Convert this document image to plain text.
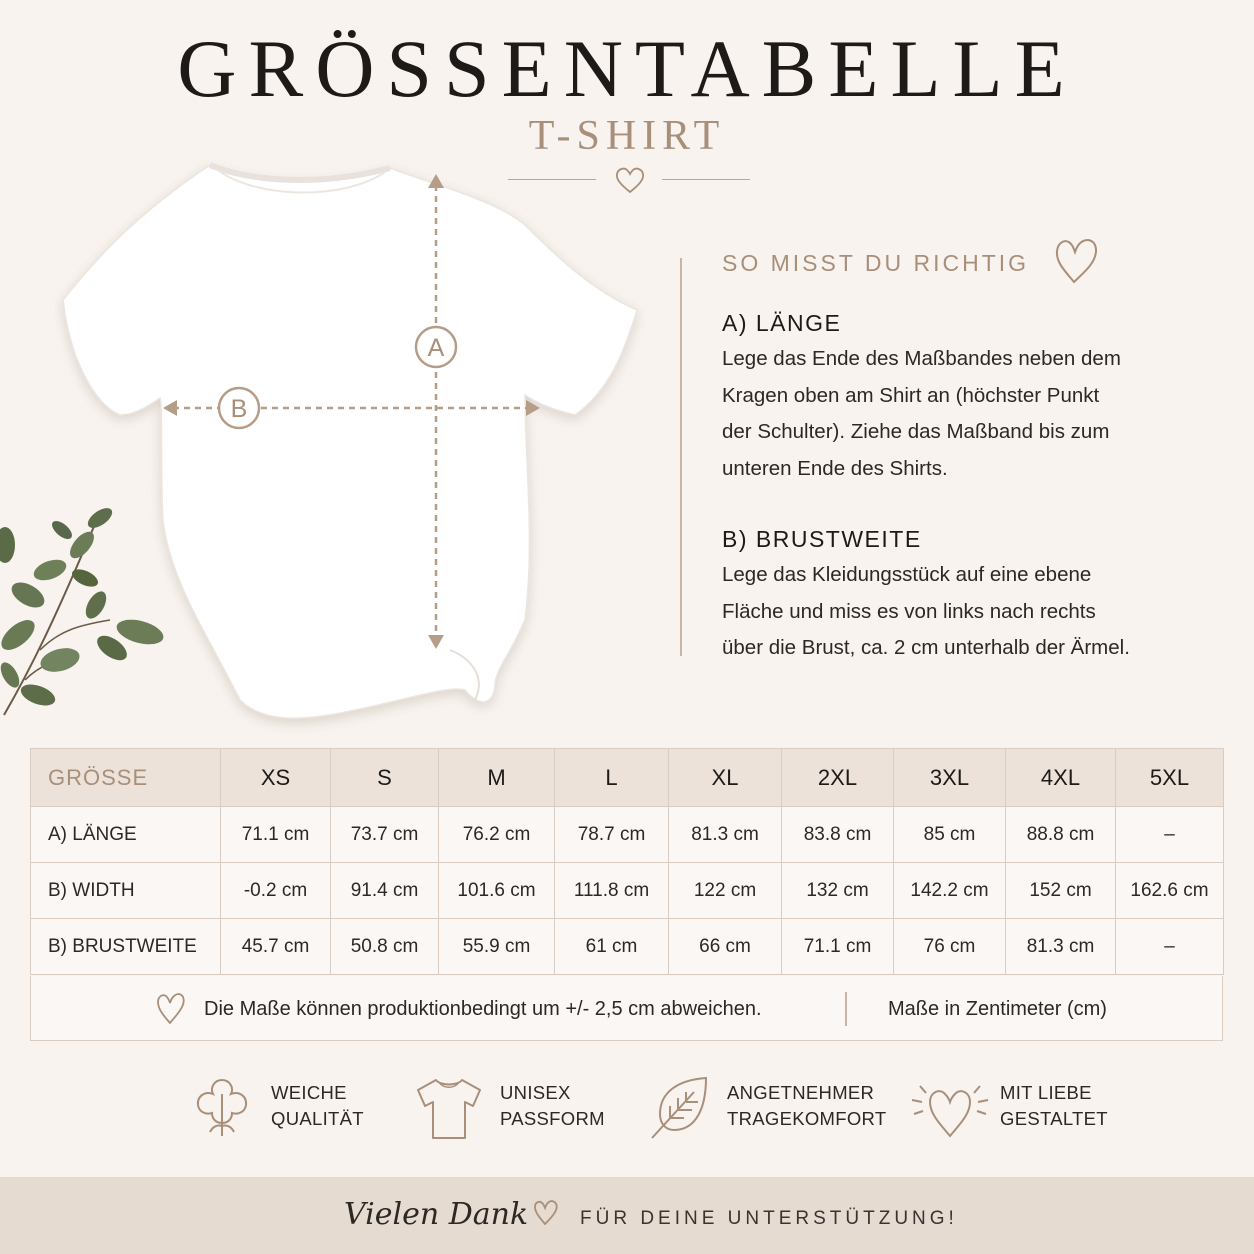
GRÖSSENTABELLE
T-SHIRT
A
B
SO MISST DU RICHTIG
A) LÄNGE
Lege das Ende des Maßbandes neben dem
Kragen oben am Shirt an (höchster Punkt
der Schulter). Ziehe das Maßband bis zum
unteren Ende des Shirts.
B) BRUSTWEITE
Lege das Kleidungsstück auf eine ebene
Fläche und miss es von links nach rechts
über die Brust, ca. 2 cm unterhalb der Ärmel.
GRÖSSE	XS	S	M	L	XL	2XL	3XL	4XL	5XL
A) LÄNGE	71.1 cm	73.7 cm	76.2 cm	78.7 cm	81.3 cm	83.8 cm	85 cm	88.8 cm	–
B) WIDTH	-0.2 cm	91.4 cm	101.6 cm	111.8 cm	122 cm	132 cm	142.2 cm	152 cm	162.6 cm
B) BRUSTWEITE	45.7 cm	50.8 cm	55.9 cm	61 cm	66 cm	71.1 cm	76 cm	81.3 cm	–
Die Maße können produktionbedingt um +/- 2,5 cm abweichen.	Maße in Zentimeter (cm)
WEICHE
QUALITÄT
UNISEX
PASSFORM
ANGETNEHMER
TRAGEKOMFORT
MIT LIEBE
GESTALTET
Vielen Dank	FÜR DEINE UNTERSTÜTZUNG!
